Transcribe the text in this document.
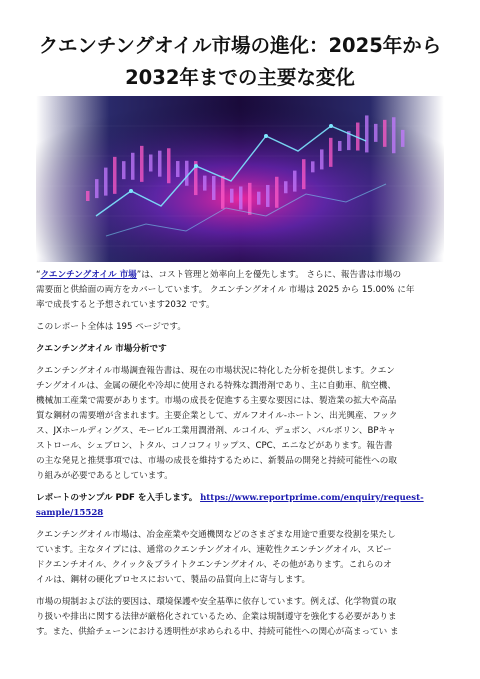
クエンチングオイル市場の進化：2025年から
2032年までの主要な変化

“クエンチングオイル 市場”は、コスト管理と効率向上を優先します。 さらに、報告書は市場の
需要面と供給面の両方をカバーしています。 クエンチングオイル 市場は 2025 から 15.00% に年
率で成長すると予想されています2032 です。

このレポート全体は 195 ページです。

クエンチングオイル 市場分析です

クエンチングオイル市場調査報告書は、現在の市場状況に特化した分析を提供します。クエン
チングオイルは、金属の硬化や冷却に使用される特殊な潤滑剤であり、主に自動車、航空機、
機械加工産業で需要があります。市場の成長を促進する主要な要因には、製造業の拡大や高品
質な鋼材の需要増が含まれます。主要企業として、ガルフオイル-ホートン、出光興産、フック
ス、JXホールディングス、モービル工業用潤滑剤、ルコイル、デュポン、バルボリン、BPキャ
ストロール、シェブロン、トタル、コノコフィリップス、CPC、エニなどがあります。報告書
の主な発見と推奨事項では、市場の成長を維持するために、新製品の開発と持続可能性への取
り組みが必要であるとしています。

レポートのサンプル PDF を入手します。 https://www.reportprime.com/enquiry/request-
sample/15528

クエンチングオイル市場は、冶金産業や交通機関などのさまざまな用途で重要な役割を果たし
ています。主なタイプには、通常のクエンチングオイル、速乾性クエンチングオイル、スピー
ドクエンチオイル、クイック＆ブライトクエンチングオイル、その他があります。これらのオ
イルは、鋼材の硬化プロセスにおいて、製品の品質向上に寄与します。

市場の規制および法的要因は、環境保護や安全基準に依存しています。例えば、化学物質の取
り扱いや排出に関する法律が厳格化されているため、企業は規制遵守を強化する必要がありま
す。また、供給チェーンにおける透明性が求められる中、持続可能性への関心が高まってい ま
